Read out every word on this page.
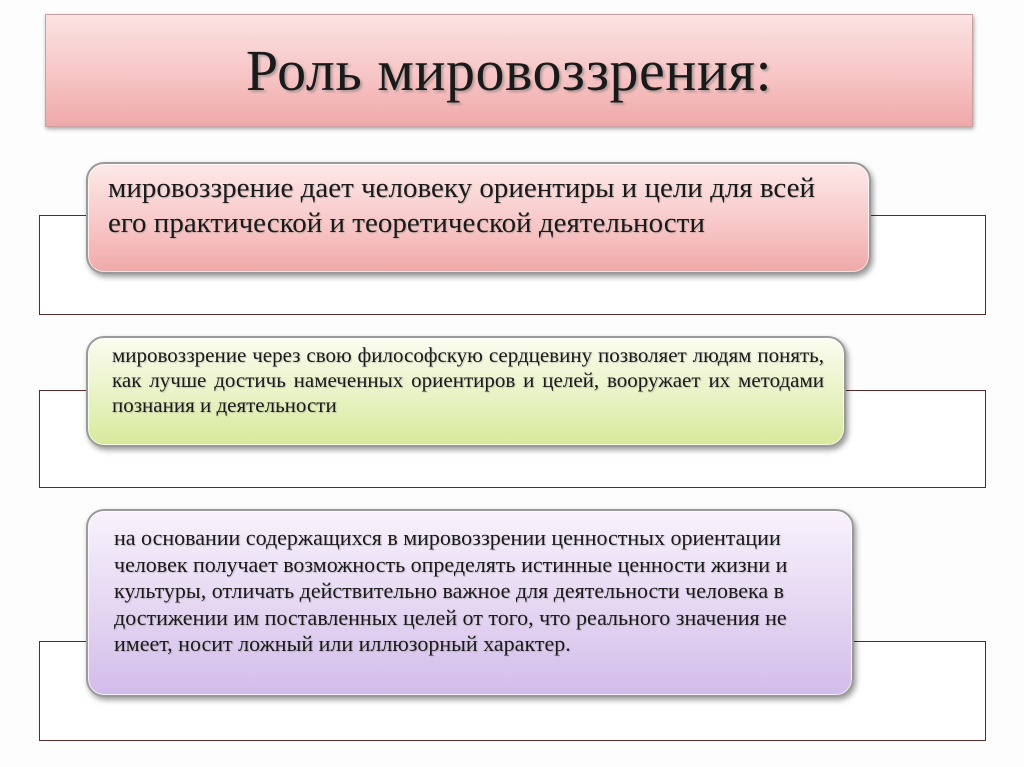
Роль мировоззрения:
мировоззрение дает человеку ориентиры и цели для всей его практической и теоретической деятельности
мировоззрение через свою философскую сердцевину позволяет людям понять, как лучше достичь намеченных ориентиров и целей, вооружает их методами познания и деятельности
на основании содержащихся в мировоззрении ценностных ориентации человек получает возможность определять истинные ценности жизни и культуры, отличать действительно важное для деятельности человека в достижении им поставленных целей от того, что реального значения не имеет, носит ложный или иллюзорный характер.
